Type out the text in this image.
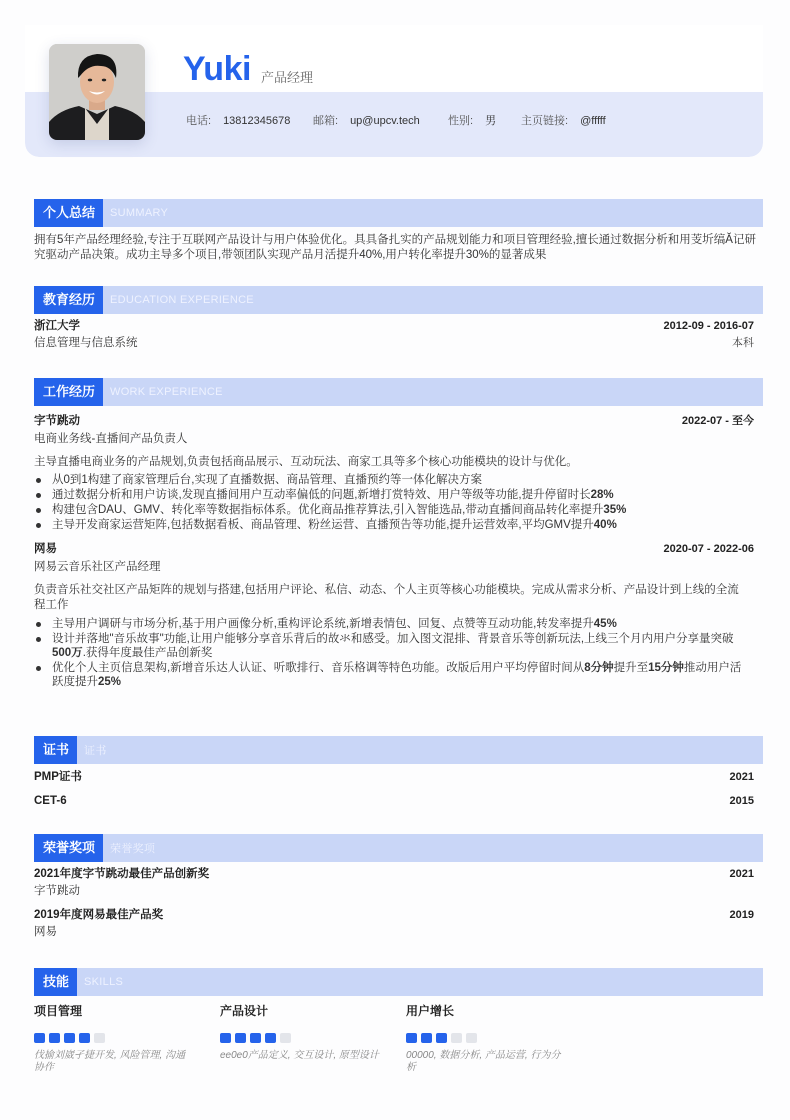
Yuki 产品经理
电话: 13812345678 邮箱: up@upcv.tech	性别: 男 主页链接: @fffff
个人总结	SUMMARY
拥有5年产品经理经验,专注于互联网产品设计与用户体验优化。具具备扎实的产品规划能力和项目管理经验,擅长通过数据分析和用芰圻缟Ă记研究驱动产品决策。成功主导多个项目,带领团队实现产品月活提升40%,用户转化率提升30%的显著成果
教育经历	EDUCATION EXPERIENCE
浙江大学	2012-09 - 2016-07
信息管理与信息系统	本科
工作经历	WORK EXPERIENCE
字节跳动	2022-07 - 至今
电商业务线-直播间产品负责人
主导直播电商业务的产品规划,负责包括商品展示、互动玩法、商家工具等多个核心功能模块的设计与优化。
从0到1构建了商家管理后台,实现了直播数据、商品管理、直播预约等一体化解决方案
通过数据分析和用户访谈,发现直播间用户互动率偏低的问题,新增打赏特效、用户等级等功能,提升停留时长28%
构建包含DAU、GMV、转化率等数据指标体系。优化商品推荐算法,引入智能选品,带动直播间商品转化率提升35%
主导开发商家运营矩阵,包括数据看板、商品管理、粉丝运营、直播预告等功能,提升运营效率,平均GMV提升40%
网易	2020-07 - 2022-06
网易云音乐社区产品经理
负责音乐社交社区产品矩阵的规划与搭建,包括用户评论、私信、动态、个人主页等核心功能模块。完成从需求分析、产品设计到上线的全流程工作
主导用户调研与市场分析,基于用户画像分析,重构评论系统,新增表情包、回复、点赞等互动功能,转发率提升45%
设计并落地"音乐故事"功能,让用户能够分享音乐背后的故氺和感受。加入图文混排、背景音乐等创新玩法,上线三个月内用户分享量突破500万.获得年度最佳产品创新奖
优化个人主页信息架构,新增音乐达人认证、听歌排行、音乐格调等特色功能。改版后用户平均停留时间从8分钟提升至15分钟推动用户活跃度提升25%
证书	证书
PMP证书	2021
CET-6	2015
荣誉奖项	荣誉奖项
2021年度字节跳动最佳产品创新奖	2021
字节跳动
2019年度网易最佳产品奖	2019
网易
技能	SKILLS
项目管理
伐揄刘崴孑捷开发, 风险管理, 沟通协作
产品设计
ee0e0产品定义, 交互设计, 原型设计
用户增长
00000, 数据分析, 产品运营, 行为分析
